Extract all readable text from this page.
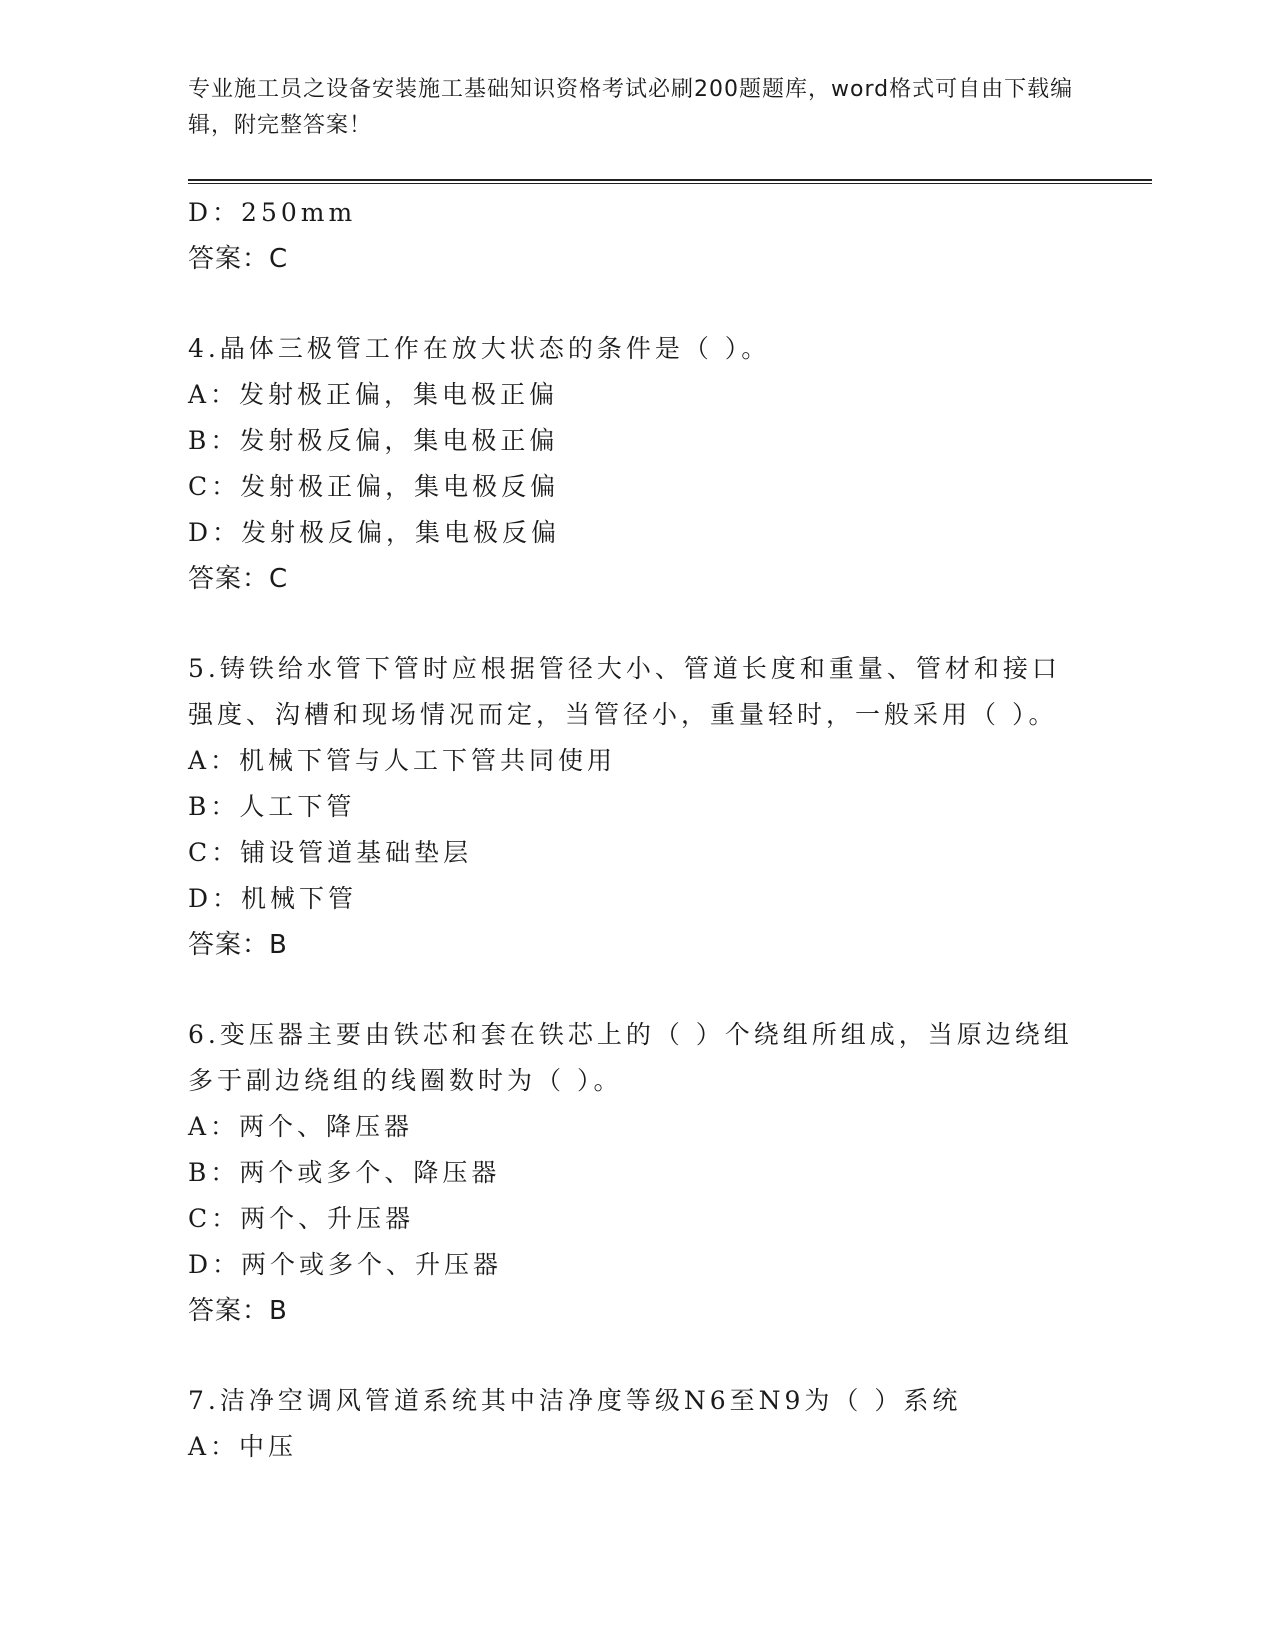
专业施工员之设备安装施工基础知识资格考试必刷200题题库，word格式可自由下载编辑，附完整答案！
D：250mm
答案：C
4.晶体三极管工作在放大状态的条件是（ ）。
A：发射极正偏，集电极正偏
B：发射极反偏，集电极正偏
C：发射极正偏，集电极反偏
D：发射极反偏，集电极反偏
答案：C
5.铸铁给水管下管时应根据管径大小、管道长度和重量、管材和接口强度、沟槽和现场情况而定，当管径小，重量轻时，一般采用（ ）。
A：机械下管与人工下管共同使用
B：人工下管
C：铺设管道基础垫层
D：机械下管
答案：B
6.变压器主要由铁芯和套在铁芯上的（ ）个绕组所组成，当原边绕组多于副边绕组的线圈数时为（ ）。
A：两个、降压器
B：两个或多个、降压器
C：两个、升压器
D：两个或多个、升压器
答案：B
7.洁净空调风管道系统其中洁净度等级N6至N9为（ ）系统
A：中压
